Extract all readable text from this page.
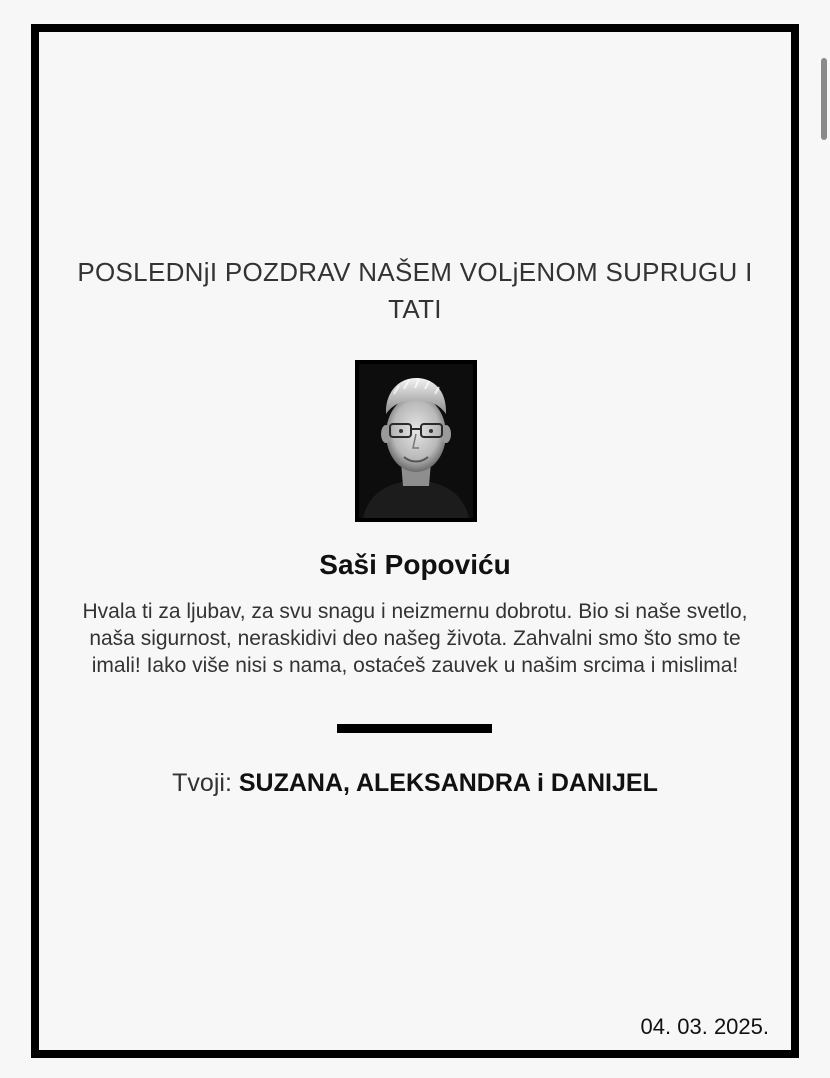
POSLEDNjI POZDRAV NAŠEM VOLjENOM SUPRUGU I TATI
Saši Popoviću
Hvala ti za ljubav, za svu snagu i neizmernu dobrotu. Bio si naše svetlo, naša sigurnost, neraskidivi deo našeg života. Zahvalni smo što smo te imali! Iako više nisi s nama, ostaćeš zauvek u našim srcima i mislima!
Tvoji: SUZANA, ALEKSANDRA i DANIJEL
04. 03. 2025.
